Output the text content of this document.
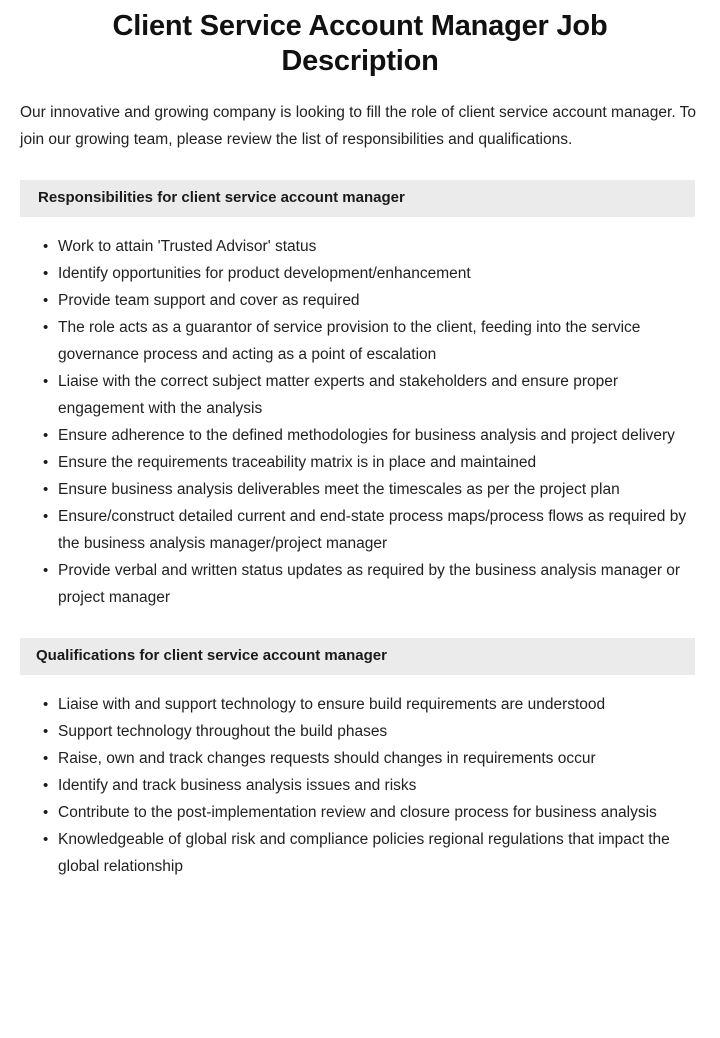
Client Service Account Manager Job Description

Our innovative and growing company is looking to fill the role of client service account manager. To join our growing team, please review the list of responsibilities and qualifications.

Responsibilities for client service account manager
• Work to attain 'Trusted Advisor' status
• Identify opportunities for product development/enhancement
• Provide team support and cover as required
• The role acts as a guarantor of service provision to the client, feeding into the service governance process and acting as a point of escalation
• Liaise with the correct subject matter experts and stakeholders and ensure proper engagement with the analysis
• Ensure adherence to the defined methodologies for business analysis and project delivery
• Ensure the requirements traceability matrix is in place and maintained
• Ensure business analysis deliverables meet the timescales as per the project plan
• Ensure/construct detailed current and end-state process maps/process flows as required by the business analysis manager/project manager
• Provide verbal and written status updates as required by the business analysis manager or project manager
Qualifications for client service account manager
• Liaise with and support technology to ensure build requirements are understood
• Support technology throughout the build phases
• Raise, own and track changes requests should changes in requirements occur
• Identify and track business analysis issues and risks
• Contribute to the post-implementation review and closure process for business analysis
• Knowledgeable of global risk and compliance policies regional regulations that impact the global relationship
